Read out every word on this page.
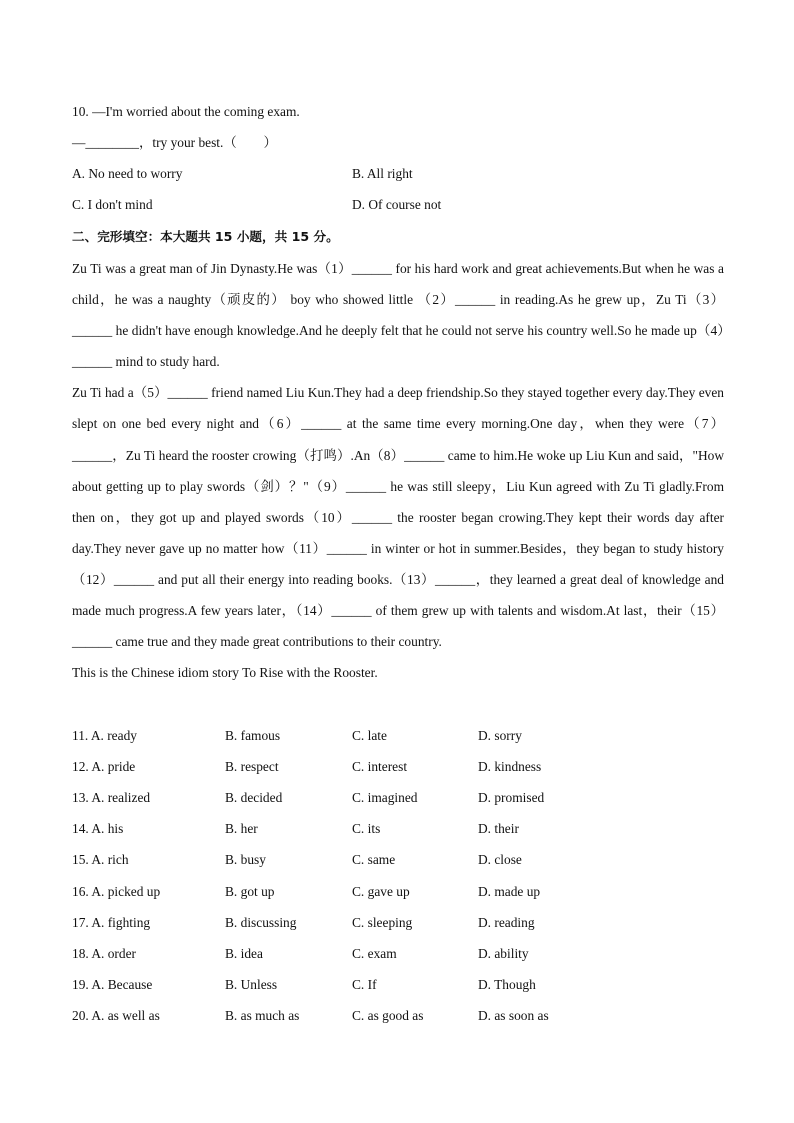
10. —I'm worried about the coming exam.
—________，try your best.（　　）
A. No need to worry	B. All right
C. I don't mind	D. Of course not
二、完形填空：本大题共 15 小题，共 15 分。

Zu Ti was a great man of Jin Dynasty.He was（1）______ for his hard work and great achievements.But when he was a child，he was a naughty（顽皮的） boy who showed little （2）______ in reading.As he grew up，Zu Ti（3）______ he didn't have enough knowledge.And he deeply felt that he could not serve his country well.So he made up（4）______ mind to study hard.

Zu Ti had a（5）______ friend named Liu Kun.They had a deep friendship.So they stayed together every day.They even slept on one bed every night and（6）______ at the same time every morning.One day，when they were（7）______，Zu Ti heard the rooster crowing（打鸣）.An（8）______ came to him.He woke up Liu Kun and said，"How about getting up to play swords（剑）？"（9）______ he was still sleepy，Liu Kun agreed with Zu Ti gladly.From then on，they got up and played swords（10）______ the rooster began crowing.They kept their words day after day.They never gave up no matter how（11）______ in winter or hot in summer.Besides，they began to study history（12）______ and put all their energy into reading books.（13）______，they learned a great deal of knowledge and made much progress.A few years later，（14）______ of them grew up with talents and wisdom.At last，their（15）______ came true and they made great contributions to their country.

This is the Chinese idiom story To Rise with the Rooster.

11. A. ready	B. famous	C. late	D. sorry
12. A. pride	B. respect	C. interest	D. kindness
13. A. realized	B. decided	C. imagined	D. promised
14. A. his	B. her	C. its	D. their
15. A. rich	B. busy	C. same	D. close
16. A. picked up	B. got up	C. gave up	D. made up
17. A. fighting	B. discussing	C. sleeping	D. reading
18. A. order	B. idea	C. exam	D. ability
19. A. Because	B. Unless	C. If	D. Though
20. A. as well as	B. as much as	C. as good as	D. as soon as
